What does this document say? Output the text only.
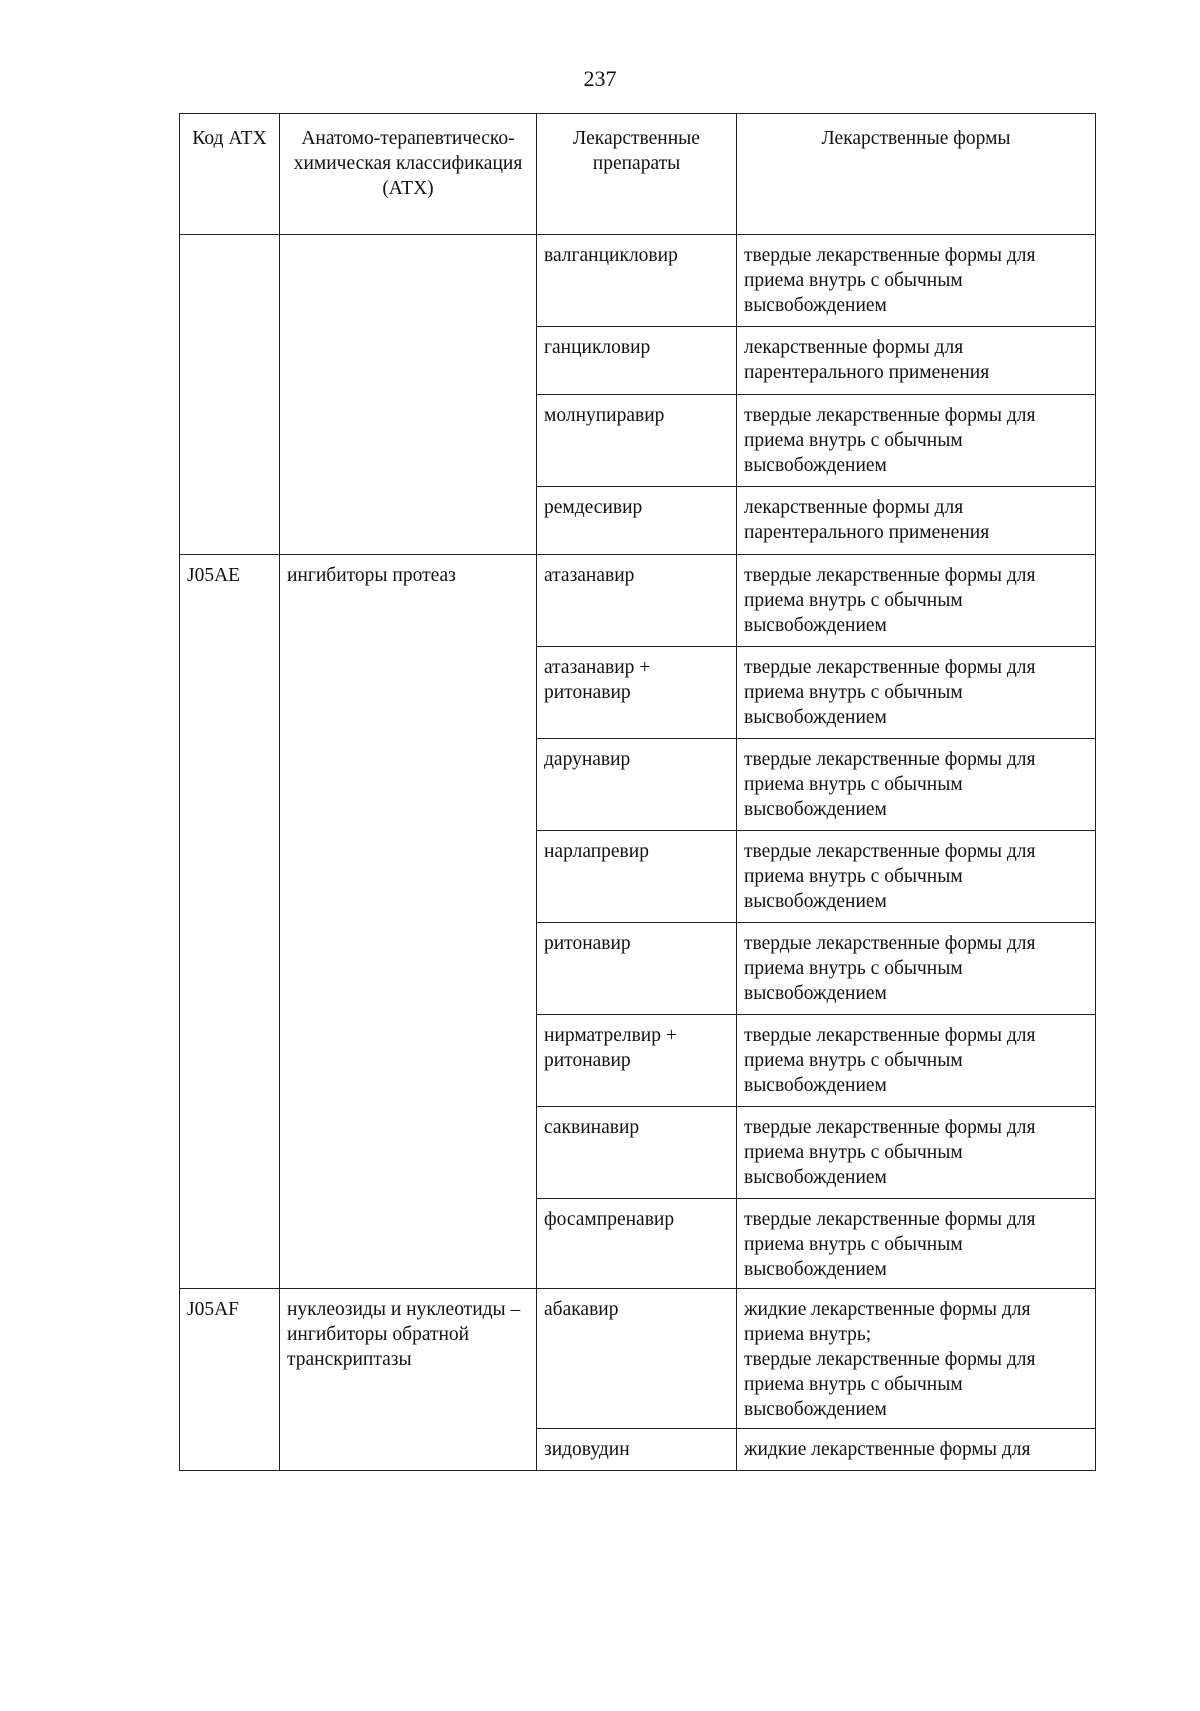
237
Код АТХ	Анатомо-терапевтическо-химическая классификация (АТХ)	Лекарственные препараты	Лекарственные формы
		валганцикловир	твердые лекарственные формы для приема внутрь с обычным высвобождением

		ганцикловир	лекарственные формы для парентерального применения

		молнупиравир	твердые лекарственные формы для приема внутрь с обычным высвобождением

		ремдесивир	лекарственные формы для парентерального применения

J05AE	ингибиторы протеаз	атазанавир	твердые лекарственные формы для приема внутрь с обычным высвобождением

		атазанавир + ритонавир	твердые лекарственные формы для приема внутрь с обычным высвобождением

		дарунавир	твердые лекарственные формы для приема внутрь с обычным высвобождением

		нарлапревир	твердые лекарственные формы для приема внутрь с обычным высвобождением

		ритонавир	твердые лекарственные формы для приема внутрь с обычным высвобождением

		нирматрелвир + ритонавир	твердые лекарственные формы для приема внутрь с обычным высвобождением

		саквинавир	твердые лекарственные формы для приема внутрь с обычным высвобождением

		фосампренавир	твердые лекарственные формы для приема внутрь с обычным высвобождением

J05AF	нуклеозиды и нуклеотиды – ингибиторы обратной транскриптазы	абакавир	жидкие лекарственные формы для приема внутрь;
твердые лекарственные формы для приема внутрь с обычным высвобождением

		зидовудин	жидкие лекарственные формы для
